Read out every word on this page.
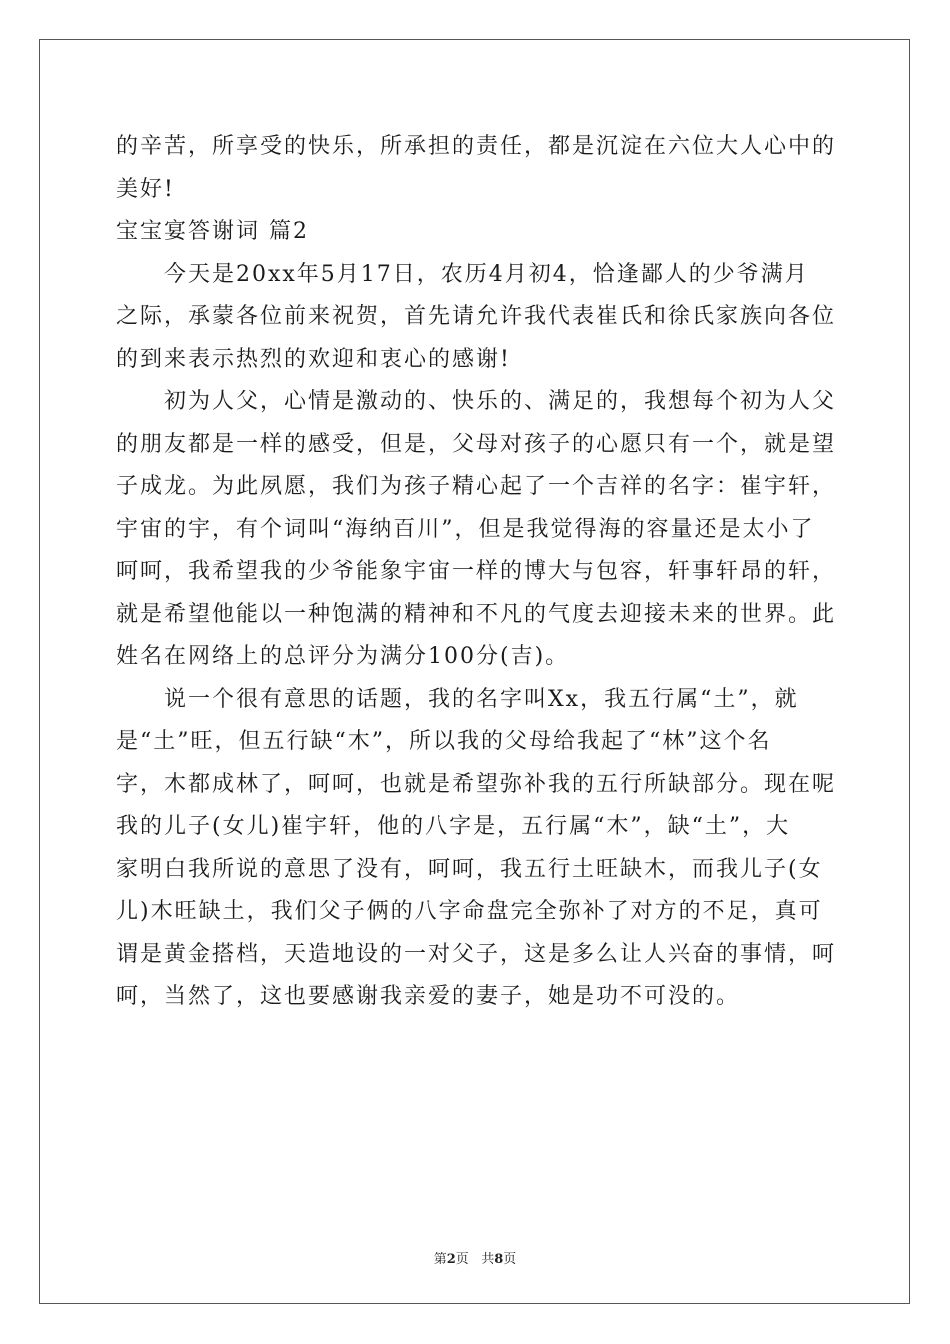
的辛苦，所享受的快乐，所承担的责任，都是沉淀在六位大人心中的
美好!
宝宝宴答谢词 篇2
　　今天是20xx年5月17日，农历4月初4，恰逢鄙人的少爷满月
之际，承蒙各位前来祝贺，首先请允许我代表崔氏和徐氏家族向各位
的到来表示热烈的欢迎和衷心的感谢!
　　初为人父，心情是激动的、快乐的、满足的，我想每个初为人父
的朋友都是一样的感受，但是，父母对孩子的心愿只有一个，就是望
子成龙。为此夙愿，我们为孩子精心起了一个吉祥的名字：崔宇轩，
宇宙的宇，有个词叫“海纳百川”，但是我觉得海的容量还是太小了
呵呵，我希望我的少爷能象宇宙一样的博大与包容，轩事轩昂的轩，
就是希望他能以一种饱满的精神和不凡的气度去迎接未来的世界。此
姓名在网络上的总评分为满分100分(吉)。
　　说一个很有意思的话题，我的名字叫Xx，我五行属“土”，就
是“土”旺，但五行缺“木”，所以我的父母给我起了“林”这个名
字，木都成林了，呵呵，也就是希望弥补我的五行所缺部分。现在呢
我的儿子(女儿)崔宇轩，他的八字是，五行属“木”，缺“土”，大
家明白我所说的意思了没有，呵呵，我五行土旺缺木，而我儿子(女
儿)木旺缺土，我们父子俩的八字命盘完全弥补了对方的不足，真可
谓是黄金搭档，天造地设的一对父子，这是多么让人兴奋的事情，呵
呵，当然了，这也要感谢我亲爱的妻子，她是功不可没的。
第2页 共8页
